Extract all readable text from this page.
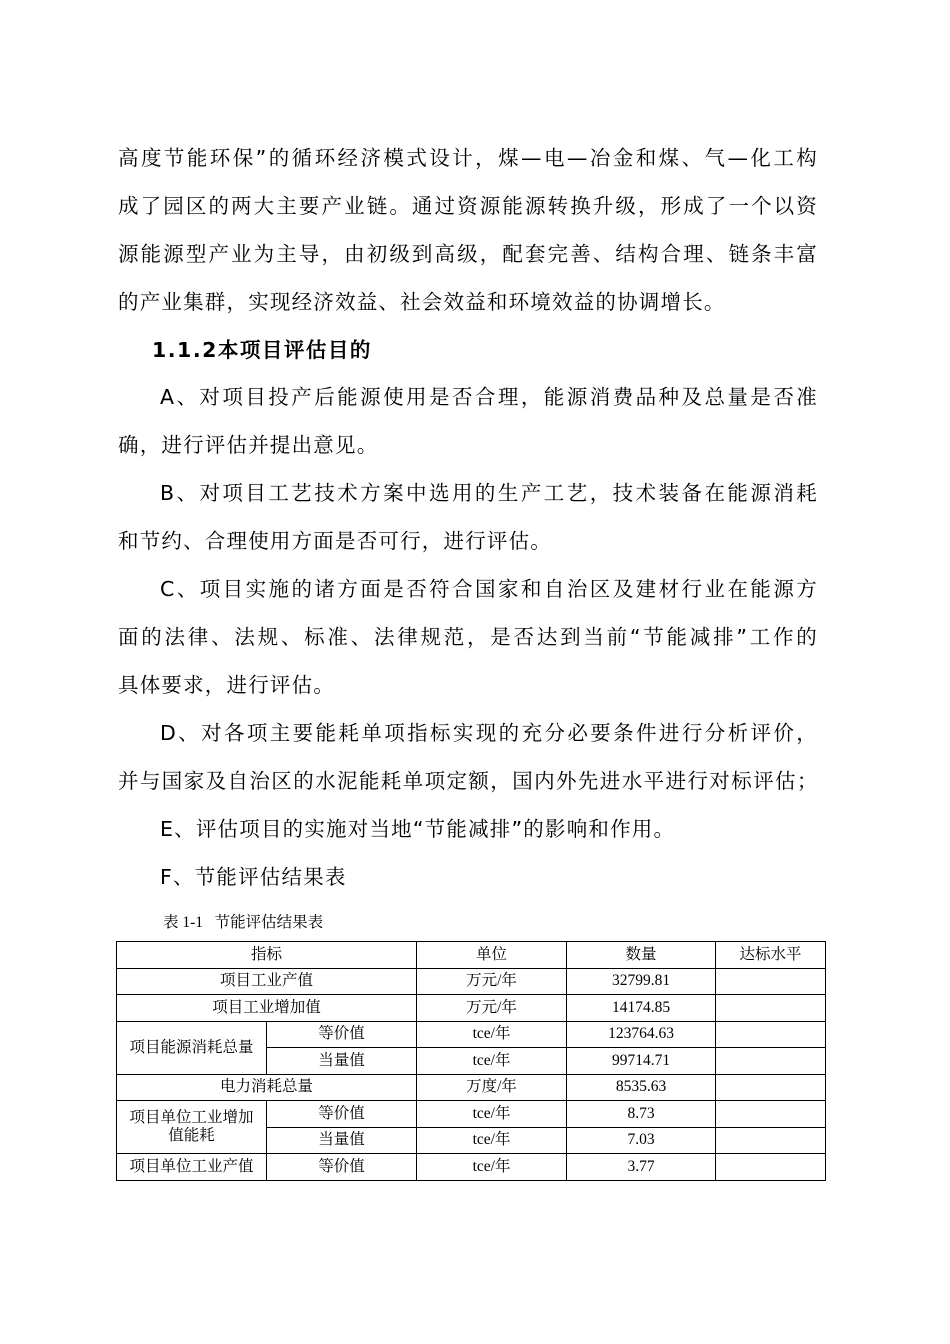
高度节能环保”的循环经济模式设计，煤—电—冶金和煤、气—化工构
成了园区的两大主要产业链。通过资源能源转换升级，形成了一个以资
源能源型产业为主导，由初级到高级，配套完善、结构合理、链条丰富
的产业集群，实现经济效益、社会效益和环境效益的协调增长。
1.1.2本项目评估目的
A、对项目投产后能源使用是否合理，能源消费品种及总量是否准
确，进行评估并提出意见。
B、对项目工艺技术方案中选用的生产工艺，技术装备在能源消耗
和节约、合理使用方面是否可行，进行评估。
C、项目实施的诸方面是否符合国家和自治区及建材行业在能源方
面的法律、法规、标准、法律规范，是否达到当前“节能减排”工作的
具体要求，进行评估。
D、对各项主要能耗单项指标实现的充分必要条件进行分析评价，
并与国家及自治区的水泥能耗单项定额，国内外先进水平进行对标评估；
E、评估项目的实施对当地“节能减排”的影响和作用。
F、节能评估结果表
表 1-1   节能评估结果表
指标		单位	数量	达标水平
项目工业产值		万元/年	32799.81	
项目工业增加值		万元/年	14174.85	
项目能源消耗总量	等价值	tce/年	123764.63	
	当量值	tce/年	99714.71	
电力消耗总量		万度/年	8535.63	
项目单位工业增加值能耗	等价值	tce/年	8.73	
	当量值	tce/年	7.03	
项目单位工业产值	等价值	tce/年	3.77	
